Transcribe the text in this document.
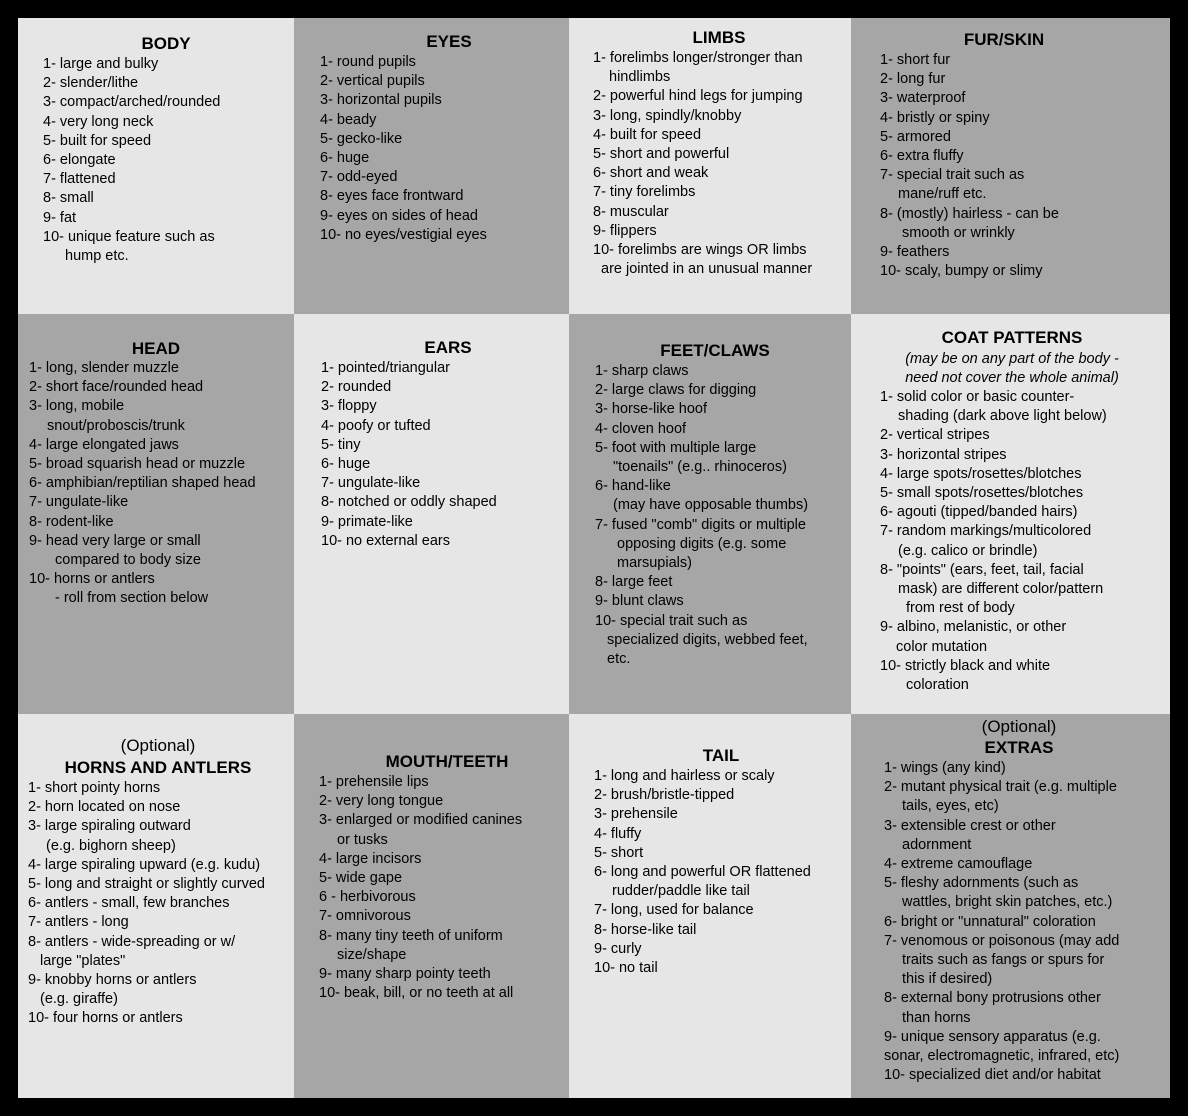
BODY
1- large and bulky
2- slender/lithe
3- compact/arched/rounded
4- very long neck
5- built for speed
6- elongate
7- flattened
8- small
9- fat
10- unique feature such as
hump etc.
EYES
1- round pupils
2- vertical pupils
3- horizontal pupils
4- beady
5- gecko-like
6- huge
7- odd-eyed
8- eyes face frontward
9- eyes on sides of head
10- no eyes/vestigial eyes
LIMBS
1- forelimbs longer/stronger than
hindlimbs
2- powerful hind legs for jumping
3- long, spindly/knobby
4- built for speed
5- short and powerful
6- short and weak
7- tiny forelimbs
8- muscular
9- flippers
10- forelimbs are wings OR limbs
are jointed in an unusual manner
FUR/SKIN
1- short fur
2- long fur
3- waterproof
4- bristly or spiny
5- armored
6- extra fluffy
7- special trait such as
mane/ruff etc.
8- (mostly) hairless - can be
smooth or wrinkly
9- feathers
10- scaly, bumpy or slimy
HEAD
1- long, slender muzzle
2- short face/rounded head
3- long, mobile
snout/proboscis/trunk
4- large elongated jaws
5- broad squarish head or muzzle
6- amphibian/reptilian shaped head
7- ungulate-like
8- rodent-like
9- head very large or small
compared to body size
10- horns or antlers
- roll from section below
EARS
1- pointed/triangular
2- rounded
3- floppy
4- poofy or tufted
5- tiny
6- huge
7- ungulate-like
8- notched or oddly shaped
9- primate-like
10- no external ears
FEET/CLAWS
1- sharp claws
2- large claws for digging
3- horse-like hoof
4- cloven hoof
5- foot with multiple large
"toenails" (e.g.. rhinoceros)
6- hand-like
(may have opposable thumbs)
7- fused "comb" digits or multiple
opposing digits (e.g. some
marsupials)
8- large feet
9- blunt claws
10- special trait such as
specialized digits, webbed feet,
etc.
COAT PATTERNS
(may be on any part of the body -
need not cover the whole animal)
1- solid color or basic counter-
shading (dark above light below)
2- vertical stripes
3- horizontal stripes
4- large spots/rosettes/blotches
5- small spots/rosettes/blotches
6- agouti (tipped/banded hairs)
7- random markings/multicolored
(e.g. calico or brindle)
8- "points" (ears, feet, tail, facial
mask) are different color/pattern
from rest of body
9- albino, melanistic, or other
color mutation
10- strictly black and white
coloration
(Optional)
HORNS AND ANTLERS
1- short pointy horns
2- horn located on nose
3- large spiraling outward
(e.g. bighorn sheep)
4- large spiraling upward (e.g. kudu)
5- long and straight or slightly curved
6- antlers - small, few branches
7- antlers - long
8- antlers - wide-spreading or w/
large "plates"
9- knobby horns or antlers
(e.g. giraffe)
10- four horns or antlers
MOUTH/TEETH
1- prehensile lips
2- very long tongue
3- enlarged or modified canines
or tusks
4- large incisors
5- wide gape
6 - herbivorous
7- omnivorous
8- many tiny teeth of uniform
size/shape
9- many sharp pointy teeth
10- beak, bill, or no teeth at all
TAIL
1- long and hairless or scaly
2- brush/bristle-tipped
3- prehensile
4- fluffy
5- short
6- long and powerful OR flattened
rudder/paddle like tail
7- long, used for balance
8- horse-like tail
9- curly
10- no tail
(Optional)
EXTRAS
1- wings (any kind)
2- mutant physical trait (e.g. multiple
tails, eyes, etc)
3- extensible crest or other
adornment
4- extreme camouflage
5- fleshy adornments (such as
wattles, bright skin patches, etc.)
6- bright or "unnatural" coloration
7- venomous or poisonous (may add
traits such as fangs or spurs for
this if desired)
8- external bony protrusions other
than horns
9- unique sensory apparatus (e.g.
sonar, electromagnetic, infrared, etc)
10- specialized diet and/or habitat
